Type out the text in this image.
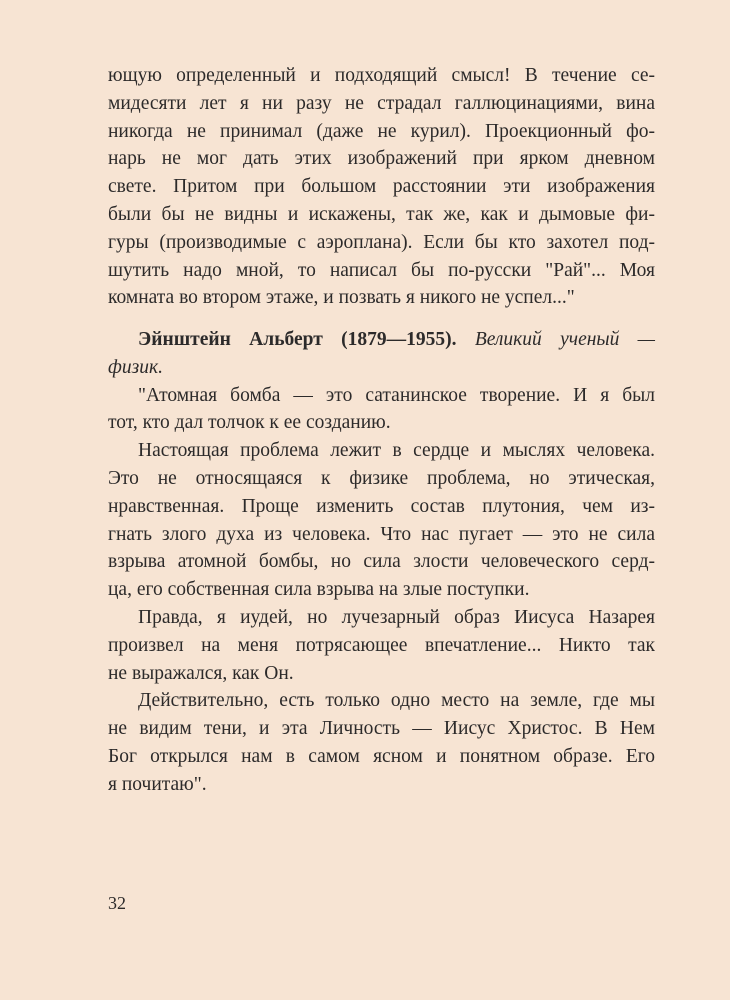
ющую определенный и подходящий смысл! В течение се-
мидесяти лет я ни разу не страдал галлюцинациями, вина
никогда не принимал (даже не курил). Проекционный фо-
нарь не мог дать этих изображений при ярком дневном
свете. Притом при большом расстоянии эти изображения
были бы не видны и искажены, так же, как и дымовые фи-
гуры (производимые с аэроплана). Если бы кто захотел под-
шутить надо мной, то написал бы по-русски "Рай"... Моя
комната во втором этаже, и позвать я никого не успел..."
Эйнштейн Альберт (1879—1955). Великий ученый —
физик.
"Атомная бомба — это сатанинское творение. И я был
тот, кто дал толчок к ее созданию.
Настоящая проблема лежит в сердце и мыслях человека.
Это не относящаяся к физике проблема, но этическая,
нравственная. Проще изменить состав плутония, чем из-
гнать злого духа из человека. Что нас пугает — это не сила
взрыва атомной бомбы, но сила злости человеческого серд-
ца, его собственная сила взрыва на злые поступки.
Правда, я иудей, но лучезарный образ Иисуса Назарея
произвел на меня потрясающее впечатление... Никто так
не выражался, как Он.
Действительно, есть только одно место на земле, где мы
не видим тени, и эта Личность — Иисус Христос. В Нем
Бог открылся нам в самом ясном и понятном образе. Его
я почитаю".
32
